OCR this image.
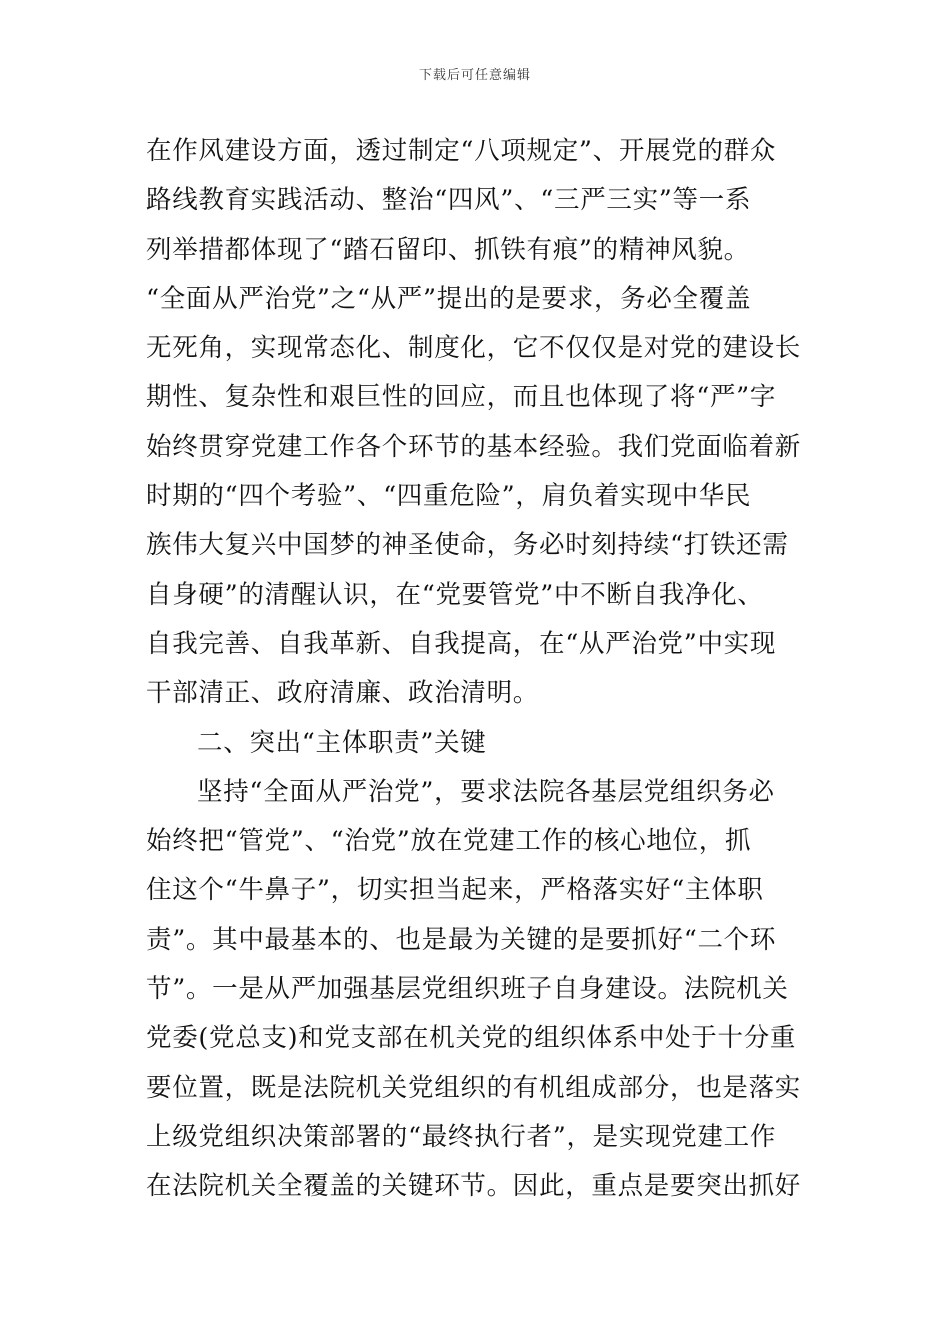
下载后可任意编辑
在作风建设方面，透过制定“八项规定”、开展党的群众
路线教育实践活动、整治“四风”、“三严三实”等一系
列举措都体现了“踏石留印、抓铁有痕”的精神风貌。
“全面从严治党”之“从严”提出的是要求，务必全覆盖
无死角，实现常态化、制度化，它不仅仅是对党的建设长
期性、复杂性和艰巨性的回应，而且也体现了将“严”字
始终贯穿党建工作各个环节的基本经验。我们党面临着新
时期的“四个考验”、“四重危险”，肩负着实现中华民
族伟大复兴中国梦的神圣使命，务必时刻持续“打铁还需
自身硬”的清醒认识，在“党要管党”中不断自我净化、
自我完善、自我革新、自我提高，在“从严治党”中实现
干部清正、政府清廉、政治清明。
二、突出“主体职责”关键
坚持“全面从严治党”，要求法院各基层党组织务必
始终把“管党”、“治党”放在党建工作的核心地位，抓
住这个“牛鼻子”，切实担当起来，严格落实好“主体职
责”。其中最基本的、也是最为关键的是要抓好“二个环
节”。一是从严加强基层党组织班子自身建设。法院机关
党委(党总支)和党支部在机关党的组织体系中处于十分重
要位置，既是法院机关党组织的有机组成部分，也是落实
上级党组织决策部署的“最终执行者”，是实现党建工作
在法院机关全覆盖的关键环节。因此，重点是要突出抓好
